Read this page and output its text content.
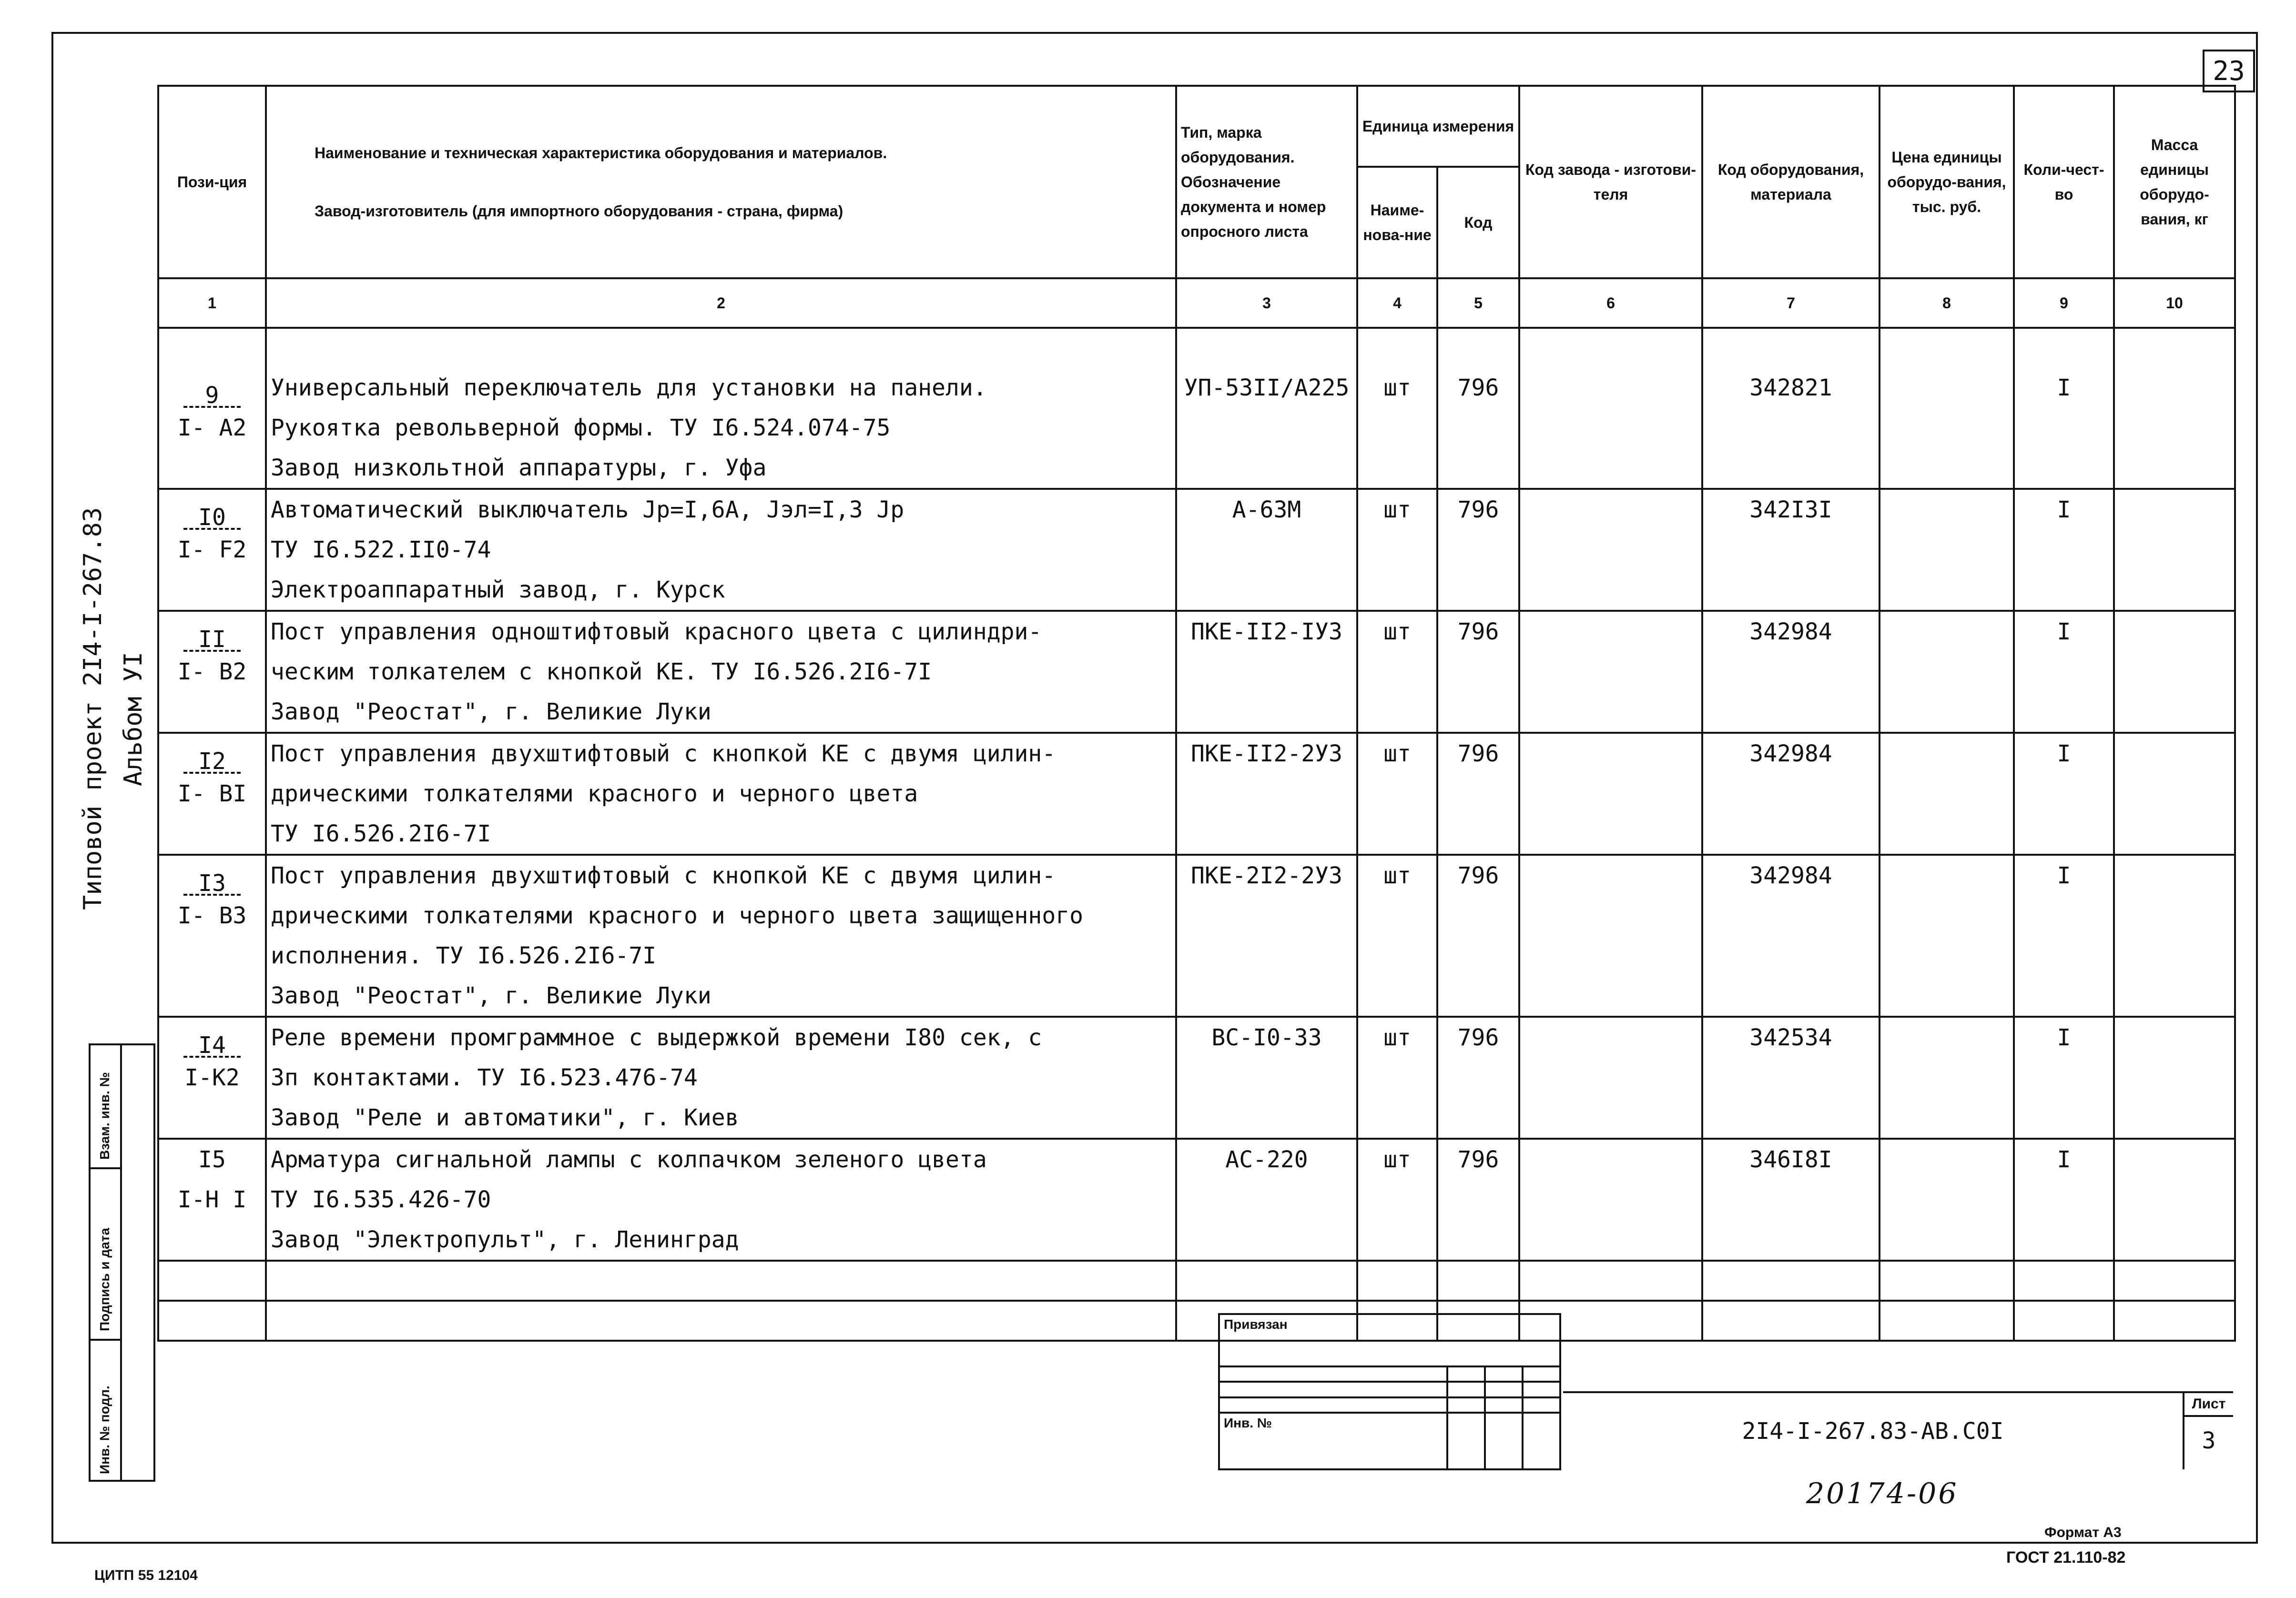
23
Типовой проект 2I4-I-267.83 Альбом УI
Пози-ция	Наименование и техническая характеристика оборудования и материалов.
Завод-изготовитель (для импортного оборудования - страна, фирма)	Тип, марка оборудования. Обозначение документа и номер опросного листа	Единица измерения		Код завода - изготови-теля	Код оборудования, материала	Цена единицы оборудо-вания, тыс. руб.	Коли-чест-во	Масса единицы оборудо-вания, кг
			Наиме-нова-ние	Код					
1	2	3	4	5	6	7	8	9	10

9	Универсальный переключатель для установки на панели.	УП-53II/А225	шт	796		342821		I	
I- А2	Рукоятка револьверной формы. ТУ I6.524.074-75								
	Завод низкольтной аппаратуры, г. Уфа								

I0	Автоматический выключатель Jр=I,6А, Jэл=I,3 Jр	А-63М	шт	796		342I3I		I	
I- F2	ТУ I6.522.II0-74								
	Электроаппаратный завод, г. Курск								

II	Пост управления одноштифтовый красного цвета с цилиндри-	ПКЕ-II2-IУ3	шт	796		342984		I	
I- В2	ческим толкателем с кнопкой КЕ. ТУ I6.526.2I6-7I								
	Завод "Реостат", г. Великие Луки								

I2	Пост управления двухштифтовый с кнопкой КЕ с двумя цилин-	ПКЕ-II2-2У3	шт	796		342984		I	
I- ВI	дрическими толкателями красного и черного цвета								
	ТУ I6.526.2I6-7I								

I3	Пост управления двухштифтовый с кнопкой КЕ с двумя цилин-	ПКЕ-2I2-2У3	шт	796		342984		I	
I- В3	дрическими толкателями красного и черного цвета защищенного								
	исполнения. ТУ I6.526.2I6-7I								
	Завод "Реостат", г. Великие Луки								

I4	Реле времени промграммное с выдержкой времени I80 сек, с	ВС-I0-33	шт	796		342534		I	
I-К2	3п контактами. ТУ I6.523.476-74								
	Завод "Реле и автоматики", г. Киев								
I5	Арматура сигнальной лампы с колпачком зеленого цвета	АС-220	шт	796		346I8I		I	
I-Н I	ТУ I6.535.426-70								
	Завод "Электропульт", г. Ленинград								

Взам. инв. №
Подпись и дата
Инв. № подл.
Привязан			

Инв. №				2I4-I-267.83-АВ.С0I
Лист
3
20174-06
ЦИТП 55 12104
Формат А3
ГОСТ 21.110-82
